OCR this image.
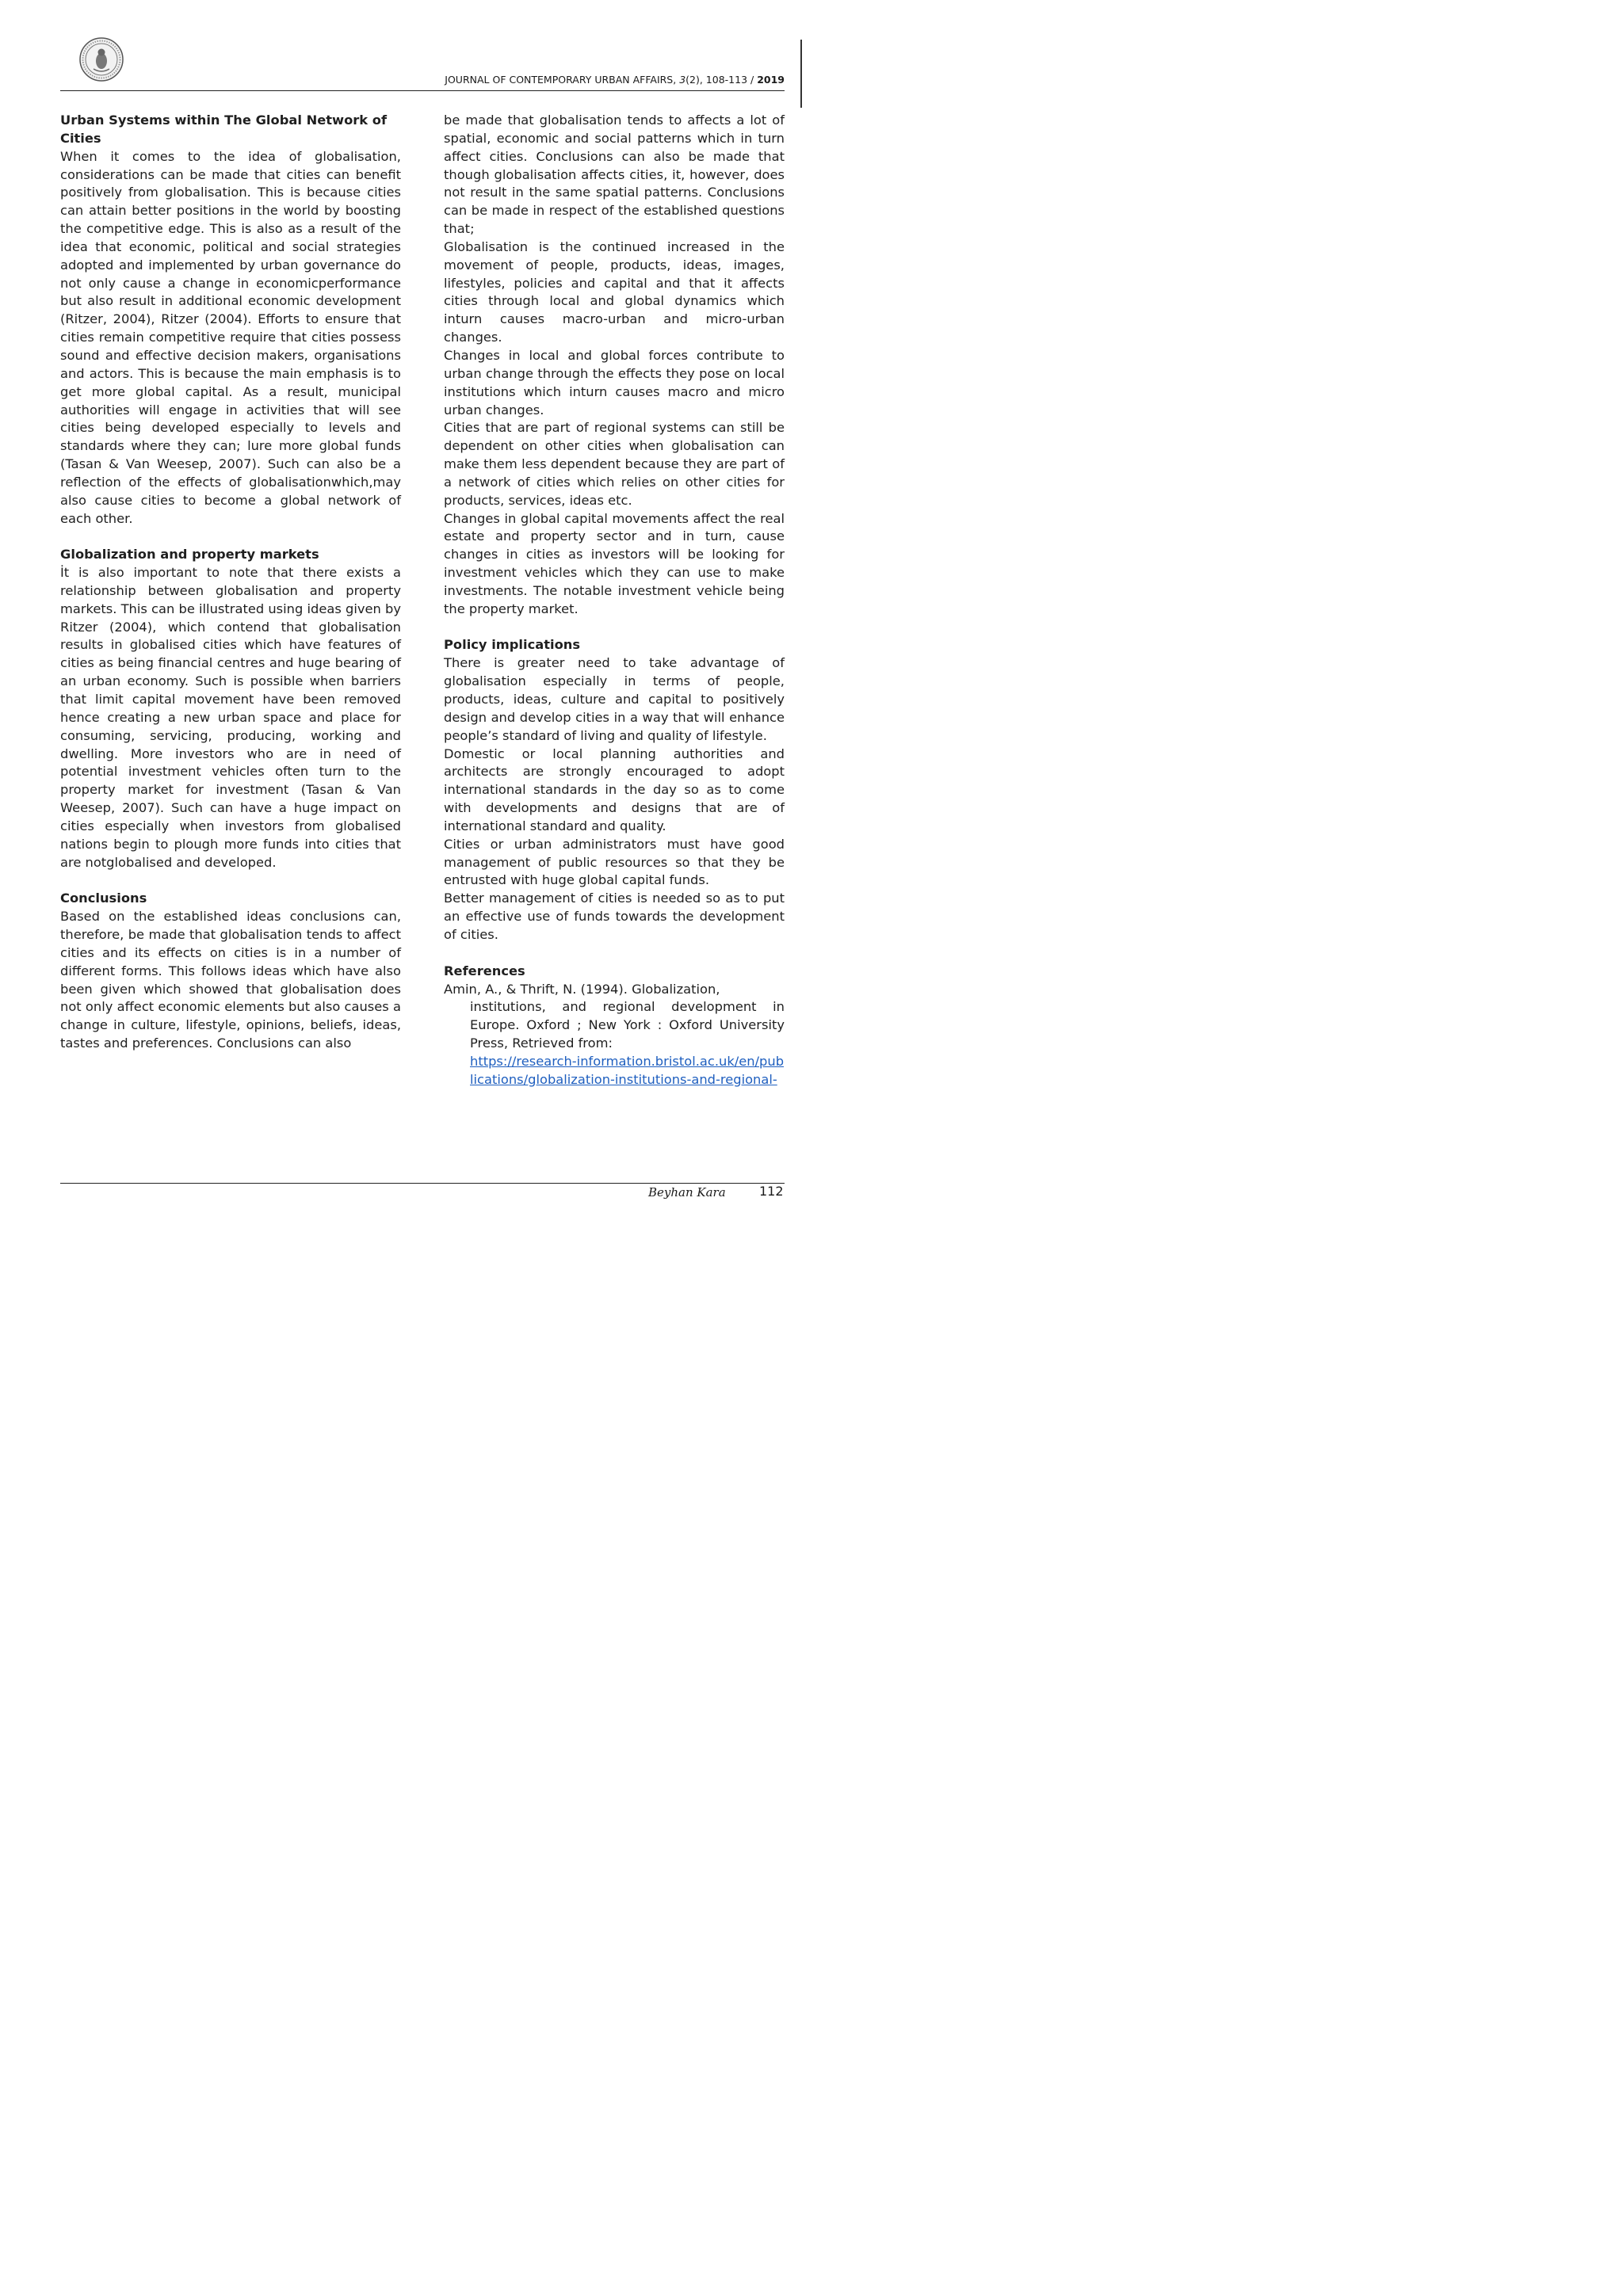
JOURNAL OF CONTEMPORARY URBAN AFFAIRS, 3(2), 108-113 / 2019
Urban Systems within The Global Network of Cities

When it comes to the idea of globalisation, considerations can be made that cities can benefit positively from globalisation. This is because cities can attain better positions in the world by boosting the competitive edge. This is also as a result of the idea that economic, political and social strategies adopted and implemented by urban governance do not only cause a change in economicperformance but also result in additional economic development (Ritzer, 2004), Ritzer (2004). Efforts to ensure that cities remain competitive require that cities possess sound and effective decision makers, organisations and actors. This is because the main emphasis is to get more global capital. As a result, municipal authorities will engage in activities that will see cities being developed especially to levels and standards where they can; lure more global funds (Tasan & Van Weesep, 2007). Such can also be a reflection of the effects of globalisationwhich,may also cause cities to become a global network of each other.

Globalization and property markets

İt is also important to note that there exists a relationship between globalisation and property markets. This can be illustrated using ideas given by Ritzer (2004), which contend that globalisation results in globalised cities which have features of cities as being financial centres and huge bearing of an urban economy. Such is possible when barriers that limit capital movement have been removed hence creating a new urban space and place for consuming, servicing, producing, working and dwelling. More investors who are in need of potential investment vehicles often turn to the property market for investment (Tasan & Van Weesep, 2007). Such can have a huge impact on cities especially when investors from globalised nations begin to plough more funds into cities that are notglobalised and developed.

Conclusions

Based on the established ideas conclusions can, therefore, be made that globalisation tends to affect cities and its effects on cities is in a number of different forms. This follows ideas which have also been given which showed that globalisation does not only affect economic elements but also causes a change in culture, lifestyle, opinions, beliefs, ideas, tastes and preferences. Conclusions can also

be made that globalisation tends to affects a lot of spatial, economic and social patterns which in turn affect cities. Conclusions can also be made that though globalisation affects cities, it, however, does not result in the same spatial patterns. Conclusions can be made in respect of the established questions that;

Globalisation is the continued increased in the movement of people, products, ideas, images, lifestyles, policies and capital and that it affects cities through local and global dynamics which inturn causes macro-urban and micro-urban changes.

Changes in local and global forces contribute to urban change through the effects they pose on local institutions which inturn causes macro and micro urban changes.

Cities that are part of regional systems can still be dependent on other cities when globalisation can make them less dependent because they are part of a network of cities which relies on other cities for products, services, ideas etc.

Changes in global capital movements affect the real estate and property sector and in turn, cause changes in cities as investors will be looking for investment vehicles which they can use to make investments. The notable investment vehicle being the property market.

Policy implications

There is greater need to take advantage of globalisation especially in terms of people, products, ideas, culture and capital to positively design and develop cities in a way that will enhance people’s standard of living and quality of lifestyle.

Domestic or local planning authorities and architects are strongly encouraged to adopt international standards in the day so as to come with developments and designs that are of international standard and quality.

Cities or urban administrators must have good management of public resources so that they be entrusted with huge global capital funds.

Better management of cities is needed so as to put an effective use of funds towards the development of cities.

References
Amin, A., & Thrift, N. (1994). Globalization,
institutions, and regional development in Europe. Oxford ; New York : Oxford University Press, Retrieved from:
https://research-information.bristol.ac.uk/en/publications/globalization-institutions-and-regional-
Beyhan Kara	112
